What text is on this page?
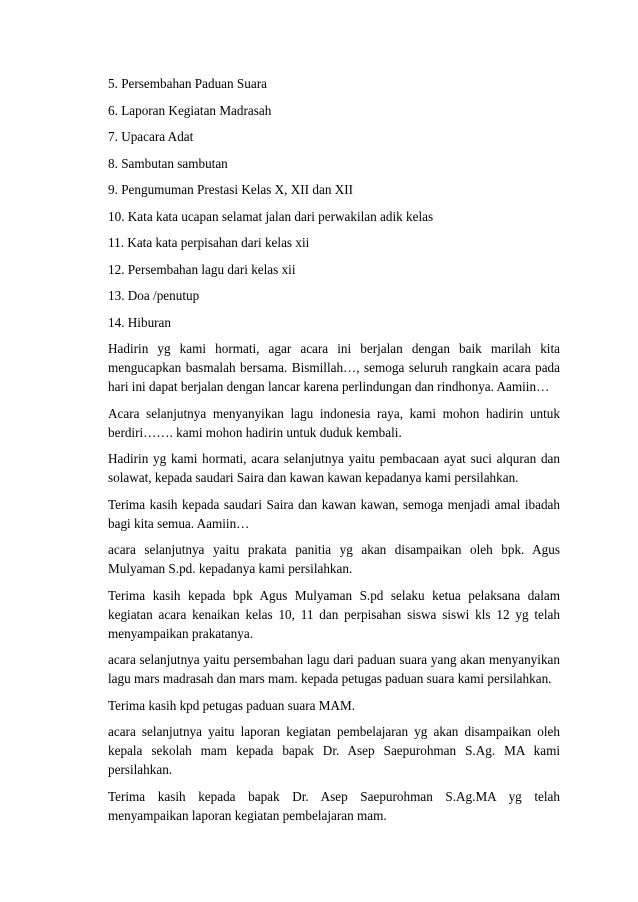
5. Persembahan Paduan Suara

6. Laporan Kegiatan Madrasah

7. Upacara Adat

8. Sambutan sambutan

9. Pengumuman Prestasi Kelas X, XII dan XII

10. Kata kata ucapan selamat jalan dari perwakilan adik kelas

11. Kata kata perpisahan dari kelas xii

12. Persembahan lagu dari kelas xii

13. Doa /penutup

14. Hiburan

Hadirin yg kami hormati, agar acara ini berjalan dengan baik marilah kita mengucapkan basmalah bersama. Bismillah…, semoga seluruh rangkain acara pada hari ini dapat berjalan dengan lancar karena perlindungan dan rindhonya. Aamiin…

Acara selanjutnya menyanyikan lagu indonesia raya, kami mohon hadirin untuk berdiri……. kami mohon hadirin untuk duduk kembali.

Hadirin yg kami hormati, acara selanjutnya yaitu pembacaan ayat suci alquran dan solawat, kepada saudari Saira dan kawan kawan kepadanya kami persilahkan.

Terima kasih kepada saudari Saira dan kawan kawan, semoga menjadi amal ibadah bagi kita semua. Aamiin…

acara selanjutnya yaitu prakata panitia yg akan disampaikan oleh bpk. Agus Mulyaman S.pd. kepadanya kami persilahkan.

Terima kasih kepada bpk Agus Mulyaman S.pd selaku ketua pelaksana dalam kegiatan acara kenaikan kelas 10, 11 dan perpisahan siswa siswi kls 12 yg telah menyampaikan prakatanya.

acara selanjutnya yaitu persembahan lagu dari paduan suara yang akan menyanyikan lagu mars madrasah dan mars mam. kepada petugas paduan suara kami persilahkan.

Terima kasih kpd petugas paduan suara MAM.

acara selanjutnya yaitu laporan kegiatan pembelajaran yg akan disampaikan oleh kepala sekolah mam kepada bapak Dr. Asep Saepurohman S.Ag. MA kami persilahkan.

Terima kasih kepada bapak Dr. Asep Saepurohman S.Ag.MA yg telah menyampaikan laporan kegiatan pembelajaran mam.
